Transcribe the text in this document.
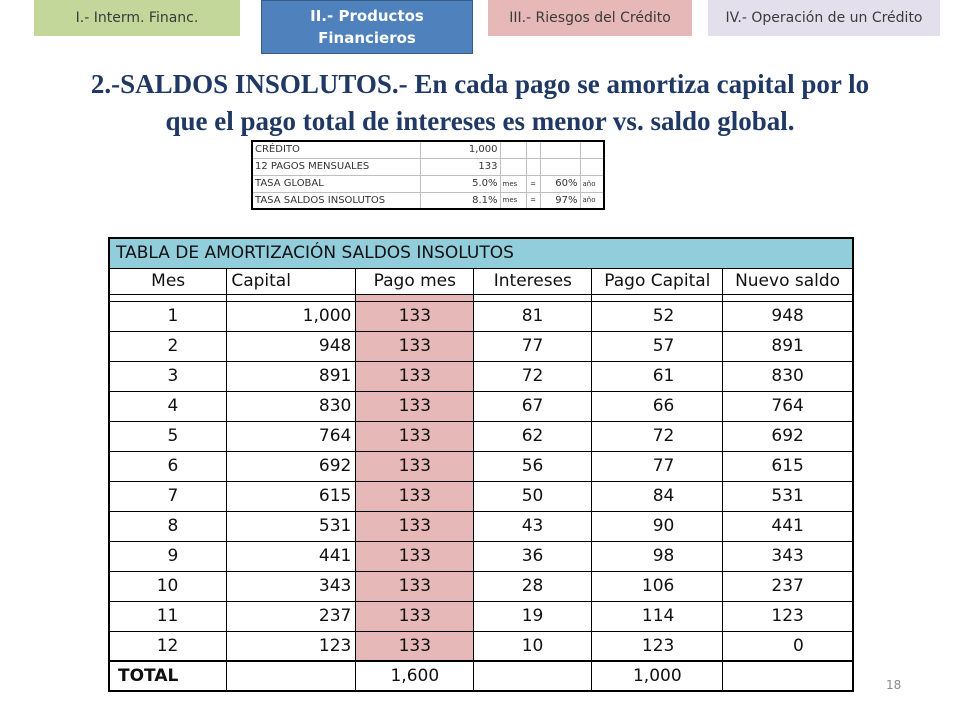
I.- Interm. Financ.	II.- Productos Financieros
III.- Riesgos del Crédito	IV.- Operación de un Crédito
2.-SALDOS INSOLUTOS.- En cada pago se amortiza capital por lo
que el pago total de intereses es menor vs. saldo global.
CRÉDITO	1,000				
12 PAGOS MENSUALES	133				
TASA GLOBAL	5.0%	mes	=	60%	año
TASA SALDOS INSOLUTOS	8.1%	mes	=	97%	año
TABLA DE AMORTIZACIÓN SALDOS INSOLUTOS					
Mes	Capital	Pago mes	Intereses	Pago Capital	Nuevo saldo

1	1,000	133	81	52	948
2	948	133	77	57	891
3	891	133	72	61	830
4	830	133	67	66	764
5	764	133	62	72	692
6	692	133	56	77	615
7	615	133	50	84	531
8	531	133	43	90	441
9	441	133	36	98	343
10	343	133	28	106	237
11	237	133	19	114	123
12	123	133	10	123	0
TOTAL		1,600		1,000		18
